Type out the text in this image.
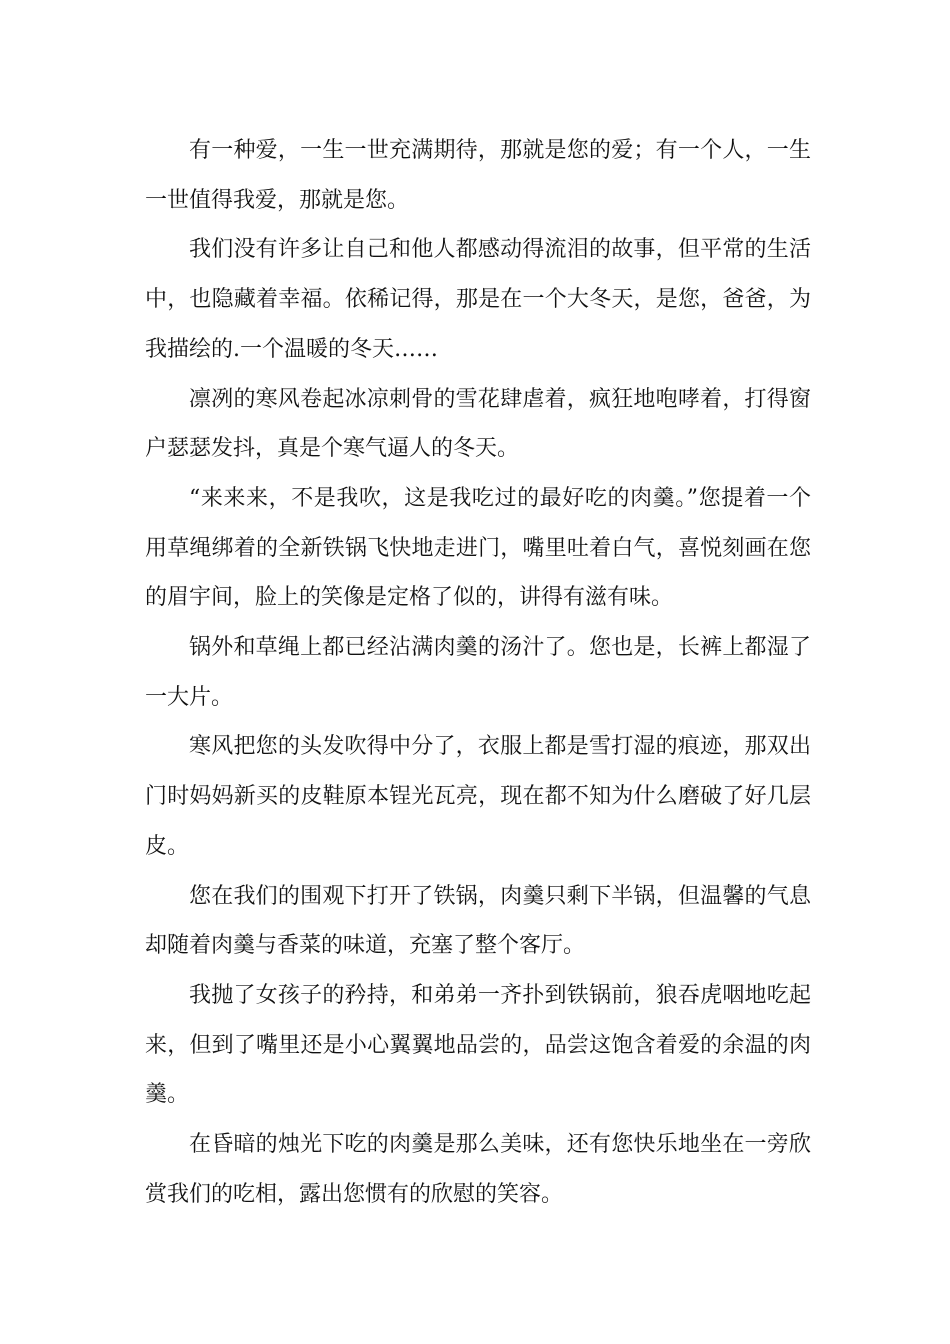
有一种爱，一生一世充满期待，那就是您的爱；有一个人，一生一世值得我爱，那就是您。

我们没有许多让自己和他人都感动得流泪的故事，但平常的生活中，也隐藏着幸福。依稀记得，那是在一个大冬天，是您，爸爸，为我描绘的.一个温暖的冬天……

凛冽的寒风卷起冰凉刺骨的雪花肆虐着，疯狂地咆哮着，打得窗户瑟瑟发抖，真是个寒气逼人的冬天。

“来来来，不是我吹，这是我吃过的最好吃的肉羹。”您提着一个用草绳绑着的全新铁锅飞快地走进门，嘴里吐着白气，喜悦刻画在您的眉宇间，脸上的笑像是定格了似的，讲得有滋有味。

锅外和草绳上都已经沾满肉羹的汤汁了。您也是，长裤上都湿了一大片。

寒风把您的头发吹得中分了，衣服上都是雪打湿的痕迹，那双出门时妈妈新买的皮鞋原本锃光瓦亮，现在都不知为什么磨破了好几层皮。

您在我们的围观下打开了铁锅，肉羹只剩下半锅，但温馨的气息却随着肉羹与香菜的味道，充塞了整个客厅。

我抛了女孩子的矜持，和弟弟一齐扑到铁锅前，狼吞虎咽地吃起来，但到了嘴里还是小心翼翼地品尝的，品尝这饱含着爱的余温的肉羹。

在昏暗的烛光下吃的肉羹是那么美味，还有您快乐地坐在一旁欣赏我们的吃相，露出您惯有的欣慰的笑容。
